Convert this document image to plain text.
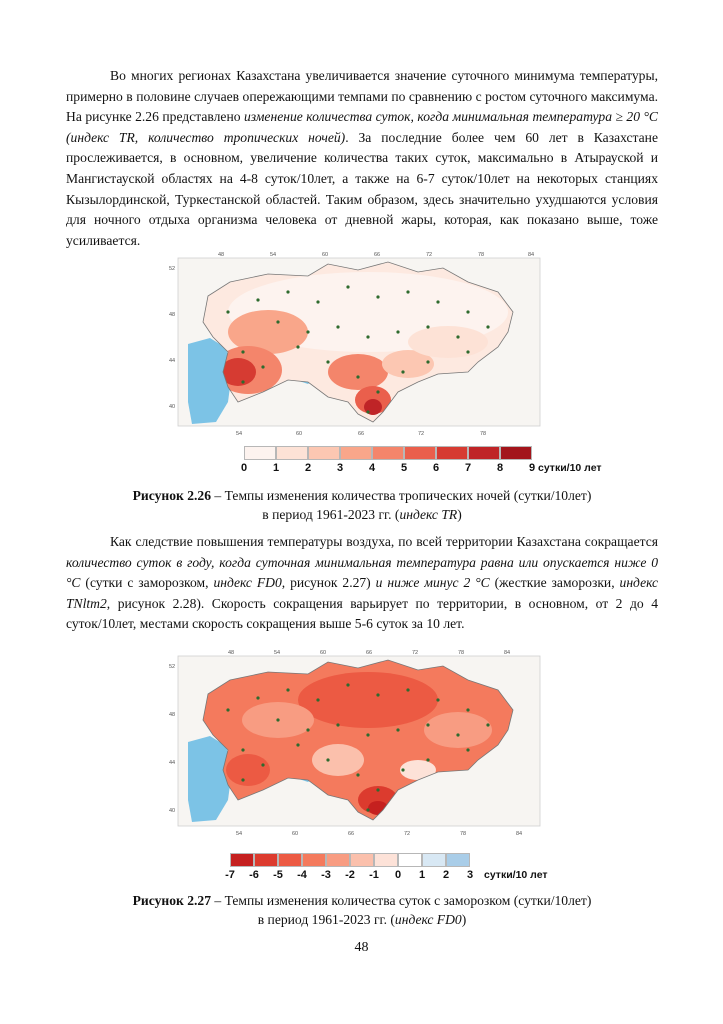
Во многих регионах Казахстана увеличивается значение суточного минимума температуры, примерно в половине случаев опережающими темпами по сравнению с ростом суточного максимума. На рисунке 2.26 представлено изменение количества суток, когда минимальная температура ≥ 20 °С (индекс TR, количество тропических ночей). За последние более чем 60 лет в Казахстане прослеживается, в основном, увеличение количества таких суток, максимально в Атырауской и Мангистауской областях на 4-8 суток/10лет, а также на 6-7 суток/10лет на некоторых станциях Кызылординской, Туркестанской областей. Таким образом, здесь значительно ухудшаются условия для ночного отдыха организма человека от дневной жары, которая, как показано выше, тоже усиливается.

48	54	60	66	72	78	84
54	60	66	72	78
52
48
44
40
0 1 2 3 4 5 6 7 8 9 сутки/10 лет
Рисунок 2.26 – Темпы изменения количества тропических ночей (сутки/10лет)
в период 1961-2023 гг. (индекс TR)

Как следствие повышения температуры воздуха, по всей территории Казахстана сокращается количество суток в году, когда суточная минимальная температура равна или опускается ниже 0 °С (сутки с заморозком, индекс FD0, рисунок 2.27) и ниже минус 2 °С (жесткие заморозки, индекс TNltm2, рисунок 2.28). Скорость сокращения варьирует по территории, в основном, от 2 до 4 суток/10лет, местами скорость сокращения выше 5-6 суток за 10 лет.

48	54	60	66	72	78	84
54	60	66	72	78	84
52
48
44
40
-7 -6 -5 -4 -3 -2 -1 0 1 2 3 сутки/10 лет
Рисунок 2.27 – Темпы изменения количества суток с заморозком (сутки/10лет)
в период 1961-2023 гг. (индекс FD0)
48
